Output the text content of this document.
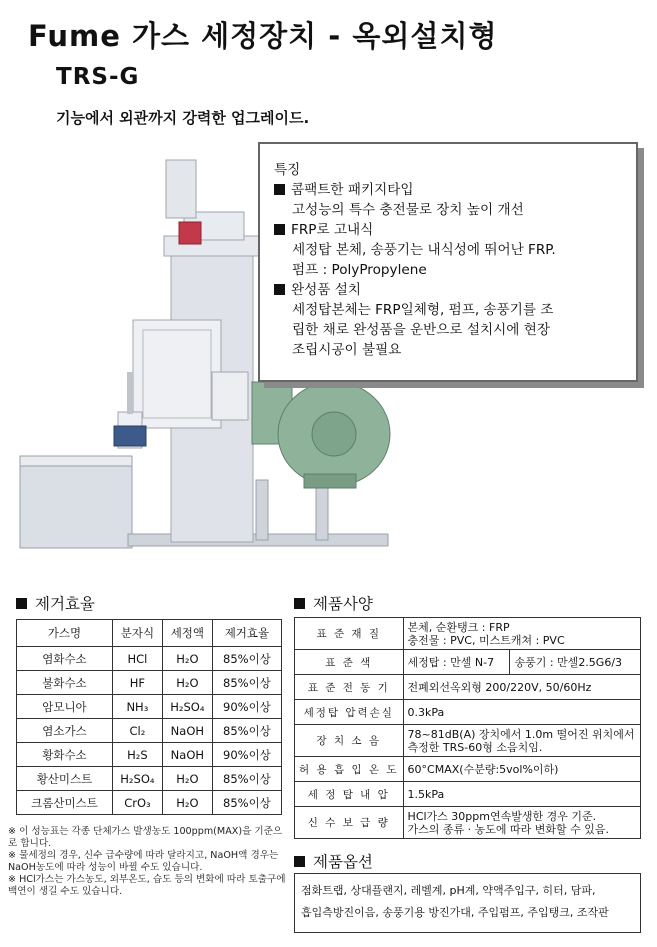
Fume 가스 세정장치 - 옥외설치형
TRS-G
기능에서 외관까지 강력한 업그레이드.
특징
콤팩트한 패키지타입
고성능의 특수 충전물로 장치 높이 개선
FRP로 고내식
세정탑 본체, 송풍기는 내식성에 뛰어난 FRP.
펌프 : PolyPropylene
완성품 설치
세정탑본체는 FRP일체형, 펌프, 송풍기를 조
립한 채로 완성품을 운반으로 설치시에 현장
조립시공이 불필요
제거효율
가스명	분자식	세정액	제거효율
염화수소	HCl	H₂O	85%이상
불화수소	HF	H₂O	85%이상
암모니아	NH₃	H₂SO₄	90%이상
염소가스	Cl₂	NaOH	85%이상
황화수소	H₂S	NaOH	90%이상
황산미스트	H₂SO₄	H₂O	85%이상
크롬산미스트	CrO₃	H₂O	85%이상
※ 이 성능표는 각종 단체가스 발생농도 100ppm(MAX)을 기준으로 합니다.
※ 물세정의 경우, 신수 급수량에 따라 달라지고, NaOH액 경우는 NaOH농도에 따라 성능이 바뀔 수도 있습니다.
※ HCl가스는 가스농도, 외부온도, 습도 등의 변화에 따라 토출구에 백연이 생길 수도 있습니다.
제품사양
표 준 재 질	본체, 순환탱크 : FRP
충전물 : PVC, 미스트캐쳐 : PVC	

표 준 색	세정탑 : 만셀 N-7	송풍기 : 만셀2.5G6/3
표 준 전 동 기	전폐외선옥외형 200/220V, 50/60Hz	

세정탑 압력손실	0.3kPa	

장 치 소 음	78~81dB(A) 장치에서 1.0m 떨어진 위치에서
측정한 TRS-60형 소음치임.	

허 용 흡 입 온 도	60°CMAX(수분량:5vol%이하)	

세 정 탑 내 압	1.5kPa	

신 수 보 급 량	HCl가스 30ppm연속발생한 경우 기준.
가스의 종류 · 농도에 따라 변화할 수 있음.	
제품옵션
점화트랩, 상대플랜지, 레벨계, pH계, 약액주입구, 히터, 담파,
흡입측방진이음, 송풍기용 방진가대, 주입펌프, 주입탱크, 조작판
